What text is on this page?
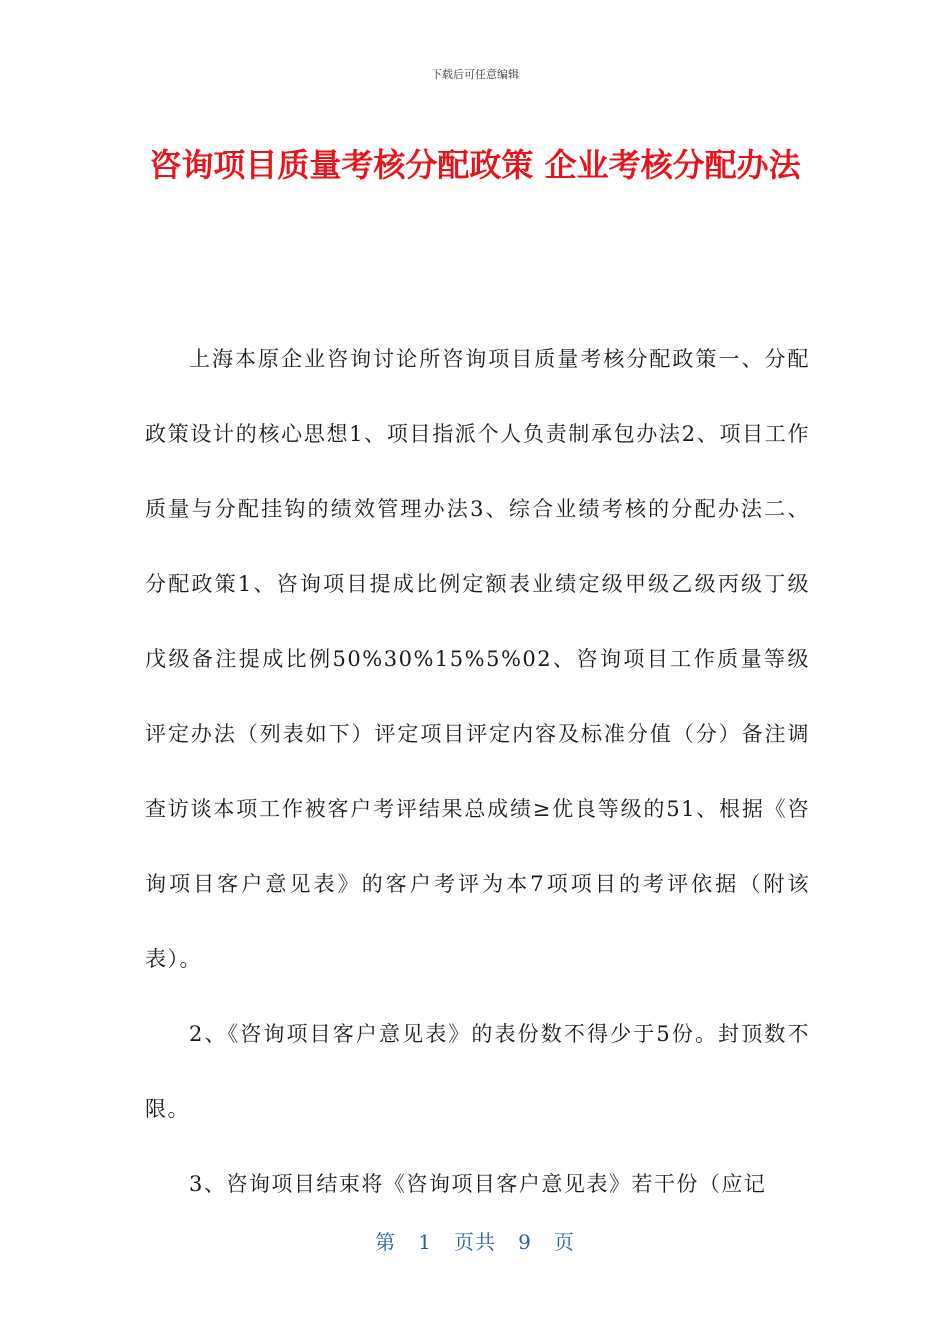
下载后可任意编辑
咨询项目质量考核分配政策 企业考核分配办法

上海本原企业咨询讨论所咨询项目质量考核分配政策一、分配政策设计的核心思想1、项目指派个人负责制承包办法2、项目工作质量与分配挂钩的绩效管理办法3、综合业绩考核的分配办法二、分配政策1、咨询项目提成比例定额表业绩定级甲级乙级丙级丁级戊级备注提成比例50%30%15%5%02、咨询项目工作质量等级评定办法（列表如下）评定项目评定内容及标准分值（分）备注调查访谈本项工作被客户考评结果总成绩≥优良等级的51、根据《咨询项目客户意见表》的客户考评为本7项项目的考评依据（附该表）。

2、《咨询项目客户意见表》的表份数不得少于5份。封顶数不限。

3、咨询项目结束将《咨询项目客户意见表》若干份（应记

第 1 页共 9 页
